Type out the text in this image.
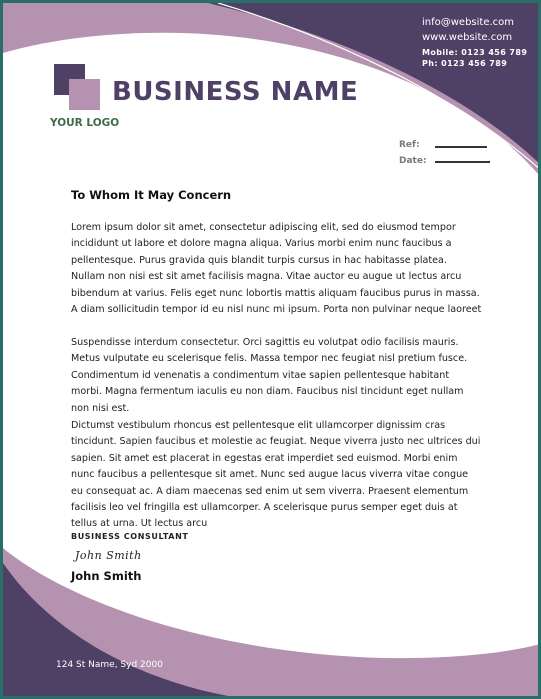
BUSINESS NAME
YOUR LOGO
info@website.com
www.website.com
Mobile: 0123 456 789
Ph: 0123 456 789
Ref:
Date:
To Whom It May Concern
Lorem ipsum dolor sit amet, consectetur adipiscing elit, sed do eiusmod tempor incididunt ut labore et dolore magna aliqua. Varius morbi enim nunc faucibus a pellentesque. Purus gravida quis blandit turpis cursus in hac habitasse platea. Nullam non nisi est sit amet facilisis magna. Vitae auctor eu augue ut lectus arcu bibendum at varius. Felis eget nunc lobortis mattis aliquam faucibus purus in massa. A diam sollicitudin tempor id eu nisl nunc mi ipsum. Porta non pulvinar neque laoreet
Suspendisse interdum consectetur. Orci sagittis eu volutpat odio facilisis mauris. Metus vulputate eu scelerisque felis. Massa tempor nec feugiat nisl pretium fusce. Condimentum id venenatis a condimentum vitae sapien pellentesque habitant morbi. Magna fermentum iaculis eu non diam. Faucibus nisl tincidunt eget nullam non nisi est.
Dictumst vestibulum rhoncus est pellentesque elit ullamcorper dignissim cras tincidunt. Sapien faucibus et molestie ac feugiat. Neque viverra justo nec ultrices dui sapien. Sit amet est placerat in egestas erat imperdiet sed euismod. Morbi enim nunc faucibus a pellentesque sit amet. Nunc sed augue lacus viverra vitae congue eu consequat ac. A diam maecenas sed enim ut sem viverra. Praesent elementum facilisis leo vel fringilla est ullamcorper. A scelerisque purus semper eget duis at tellus at urna. Ut lectus arcu
BUSINESS CONSULTANT
John Smith
John Smith
124 St Name, Syd 2000
